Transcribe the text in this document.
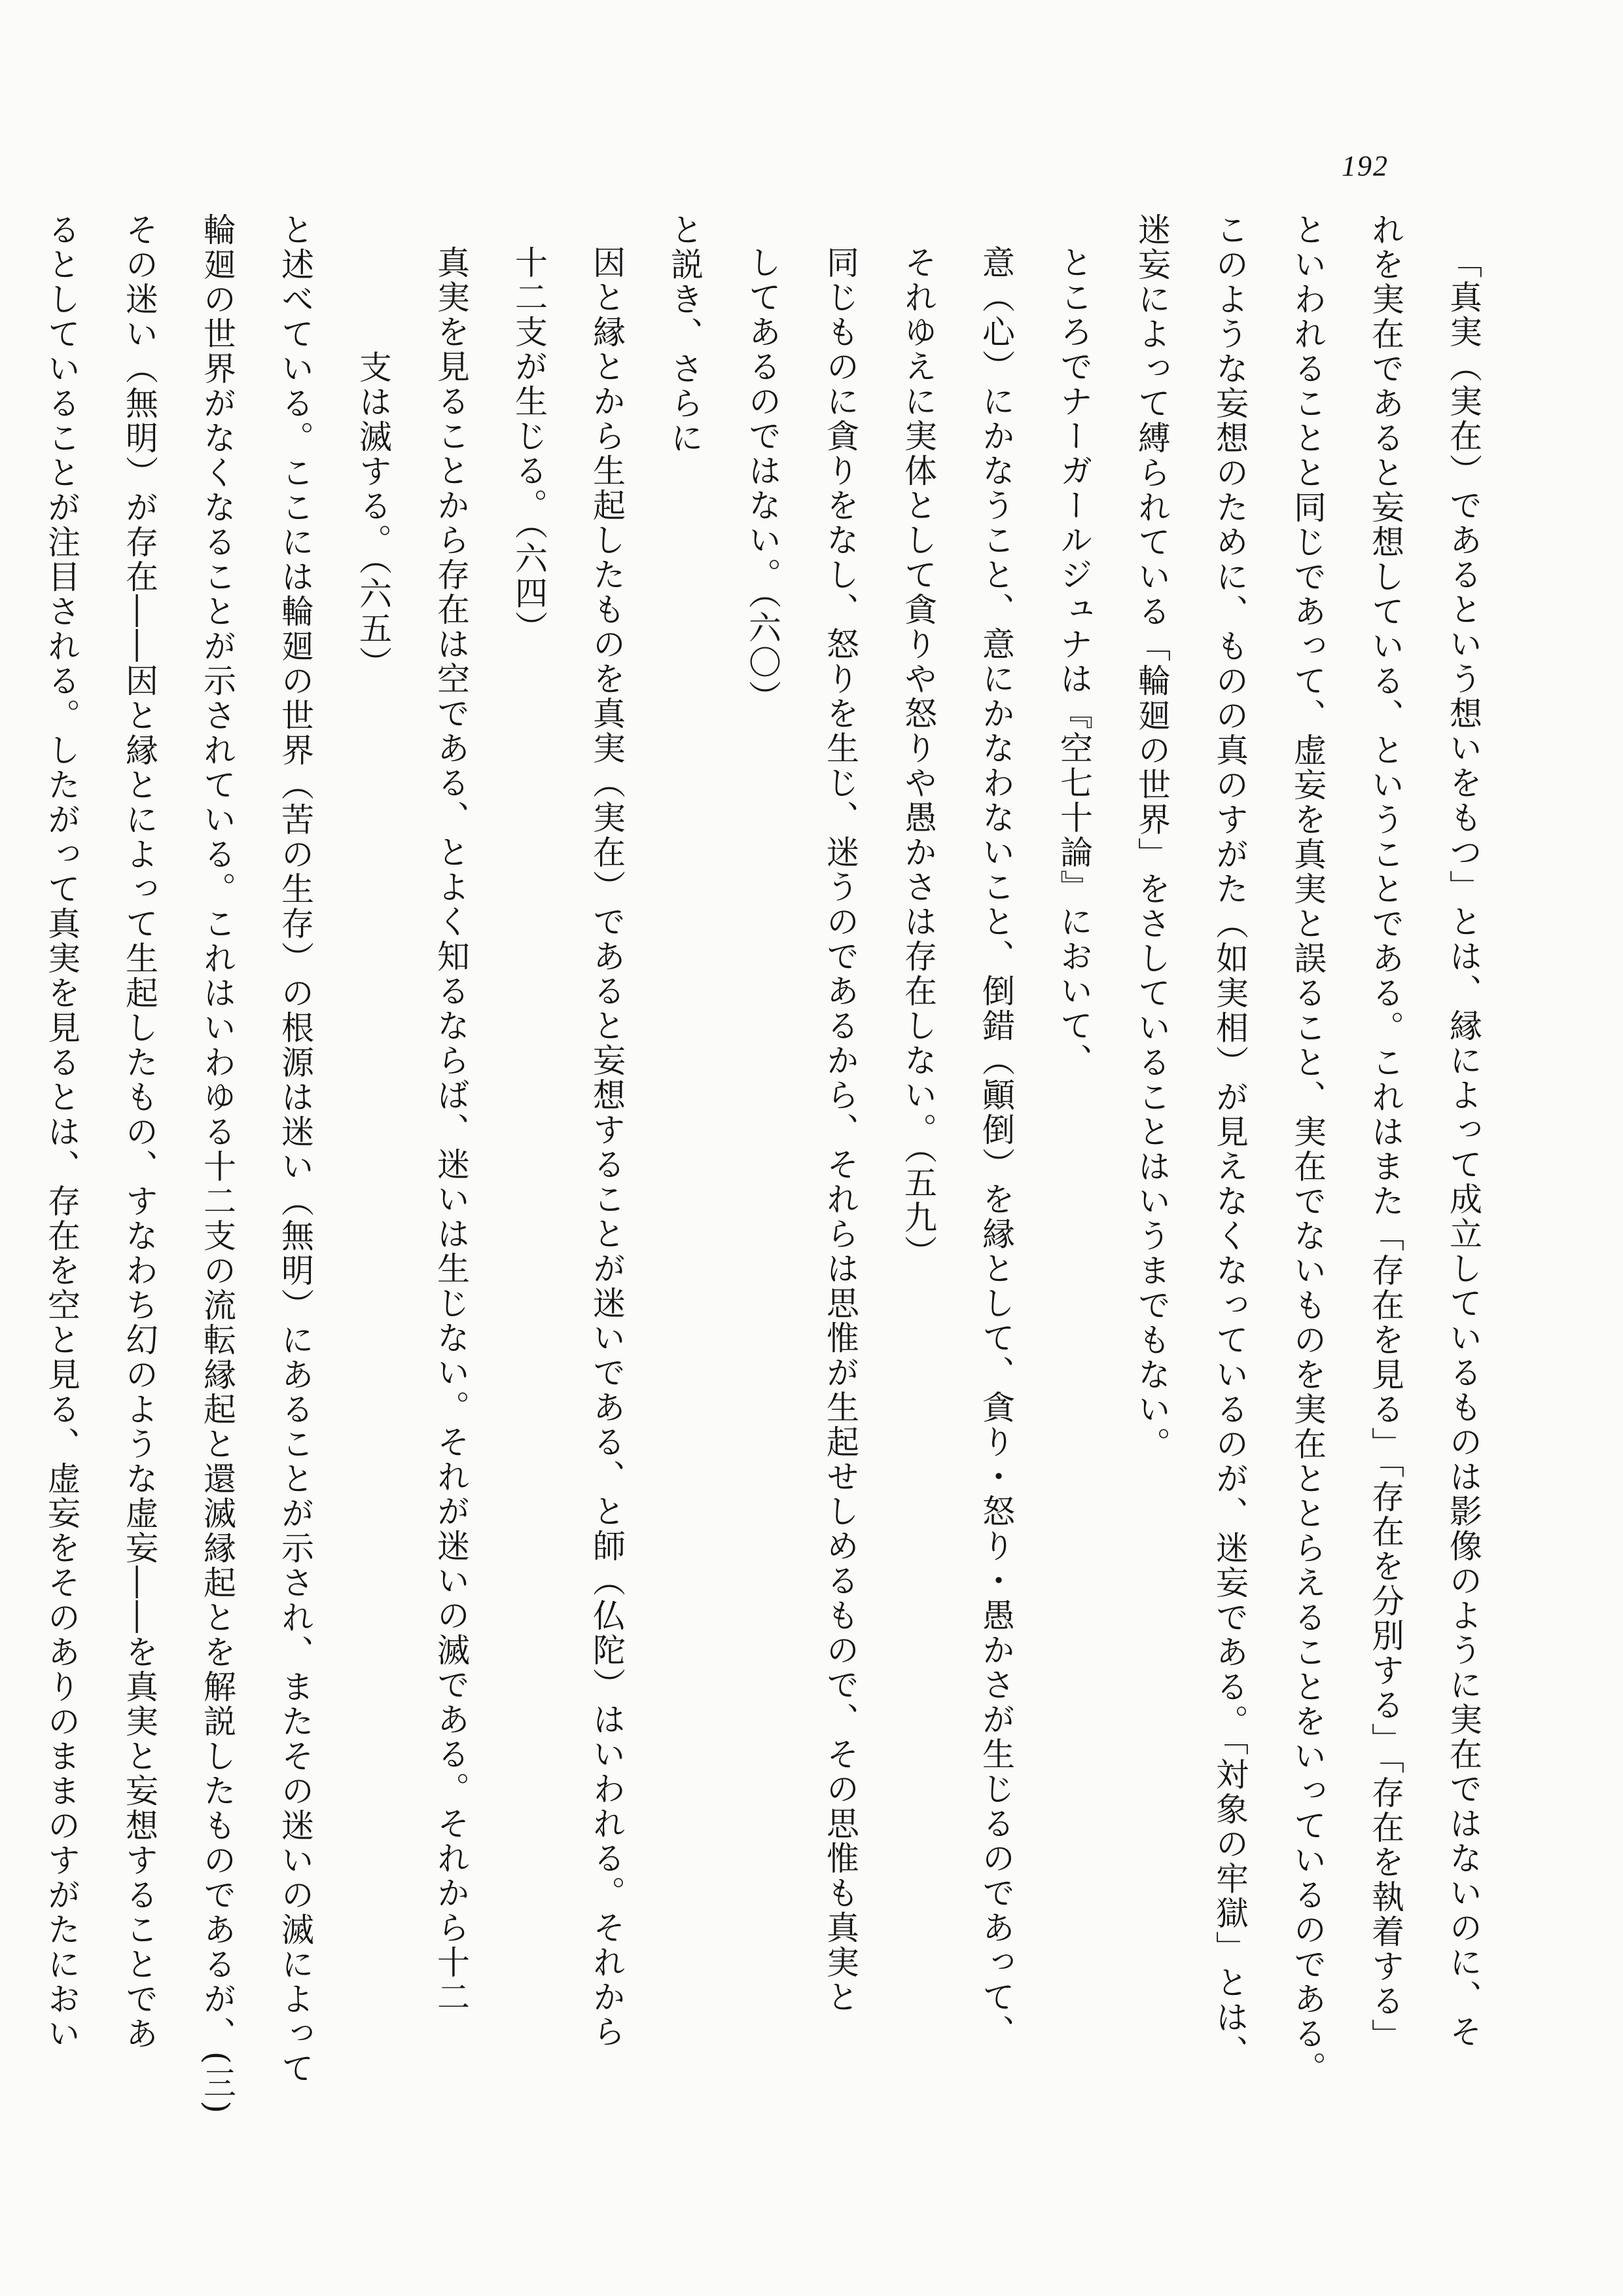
192
「真実（実在）であるという想いをもつ」とは、縁によって成立しているものは影像のように実在ではないのに、そ
れを実在であると妄想している、ということである。これはまた「存在を見る」「存在を分別する」「存在を執着する」
といわれることと同じであって、虚妄を真実と誤ること、実在でないものを実在ととらえることをいっているのである。
このような妄想のために、ものの真のすがた（如実相）が見えなくなっているのが、迷妄である。「対象の牢獄」とは、
迷妄によって縛られている「輪廻の世界」をさしていることはいうまでもない。
ところでナーガールジュナは『空七十論』において、
意（心）にかなうこと、意にかなわないこと、倒錯（顚倒）を縁として、貪り・怒り・愚かさが生じるのであって、
それゆえに実体として貪りや怒りや愚かさは存在しない。（五九）
同じものに貪りをなし、怒りを生じ、迷うのであるから、それらは思惟が生起せしめるもので、その思惟も真実と
してあるのではない。（六〇）
と説き、さらに
因と縁とから生起したものを真実（実在）であると妄想することが迷いである、と師（仏陀）はいわれる。それから
十二支が生じる。（六四）
真実を見ることから存在は空である、とよく知るならば、迷いは生じない。それが迷いの滅である。それから十二
支は滅する。（六五）
と述べている。ここには輪廻の世界（苦の生存）の根源は迷い（無明）にあることが示され、またその迷いの滅によって
輪廻の世界がなくなることが示されている。これはいわゆる十二支の流転縁起と還滅縁起とを解説したものであるが、(三)
その迷い（無明）が存在――因と縁とによって生起したもの、すなわち幻のような虚妄――を真実と妄想することであ
るとしていることが注目される。したがって真実を見るとは、存在を空と見る、虚妄をそのありのままのすがたにおい
